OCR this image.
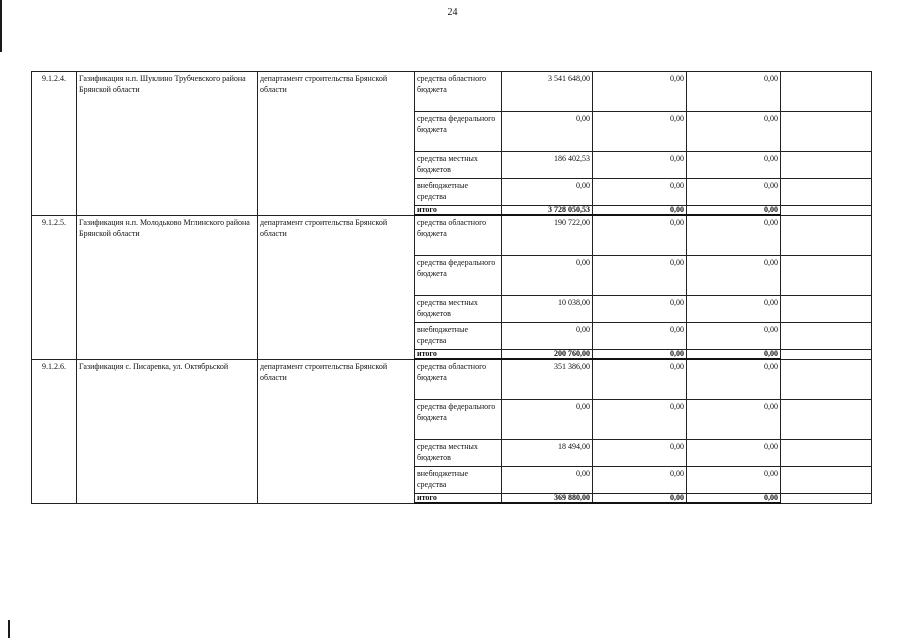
24
9.1.2.4.	Газификация н.п. Шуклино Трубчевского района Брянской области	департамент строительства Брянской области	средства областного бюджета	3 541 648,00	0,00	0,00	
			средства федерального бюджета	0,00	0,00	0,00	
			средства местных бюджетов	186 402,53	0,00	0,00	
			внебюджетные средства	0,00	0,00	0,00	
			итого	3 728 050,53	0,00	0,00	
9.1.2.5.	Газификация н.п. Молодьково Мглинского района Брянской области	департамент строительства Брянской области	средства областного бюджета	190 722,00	0,00	0,00	
			средства федерального бюджета	0,00	0,00	0,00	
			средства местных бюджетов	10 038,00	0,00	0,00	
			внебюджетные средства	0,00	0,00	0,00	
			итого	200 760,00	0,00	0,00	
9.1.2.6.	Газификация с. Писаревка, ул. Октябрьской	департамент строительства Брянской области	средства областного бюджета	351 386,00	0,00	0,00	
			средства федерального бюджета	0,00	0,00	0,00	
			средства местных бюджетов	18 494,00	0,00	0,00	
			внебюджетные средства	0,00	0,00	0,00	
			итого	369 880,00	0,00	0,00	
